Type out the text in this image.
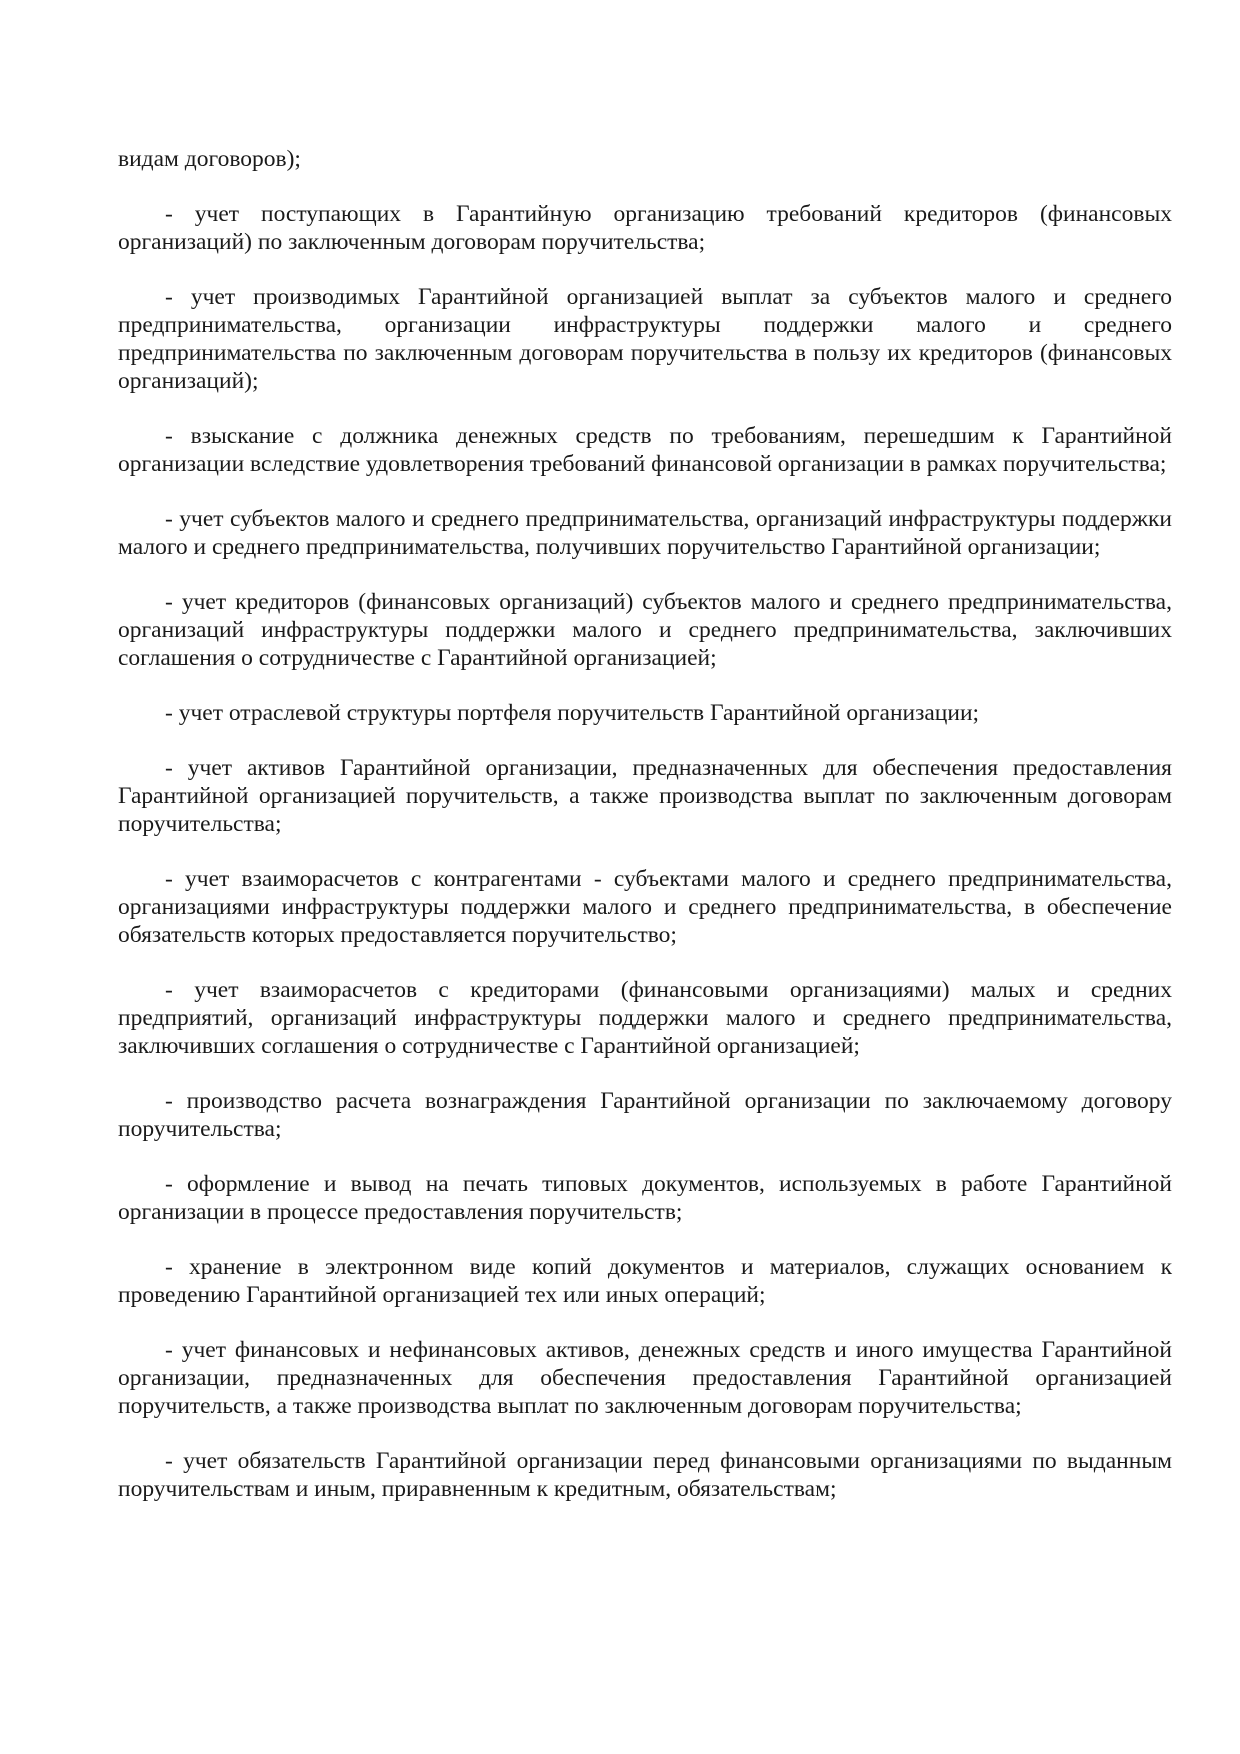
видам договоров);

- учет поступающих в Гарантийную организацию требований кредиторов (финансовых организаций) по заключенным договорам поручительства;

- учет производимых Гарантийной организацией выплат за субъектов малого и среднего предпринимательства, организации инфраструктуры поддержки малого и среднего предпринимательства по заключенным договорам поручительства в пользу их кредиторов (финансовых организаций);

- взыскание с должника денежных средств по требованиям, перешедшим к Гарантийной организации вследствие удовлетворения требований финансовой организации в рамках поручительства;

- учет субъектов малого и среднего предпринимательства, организаций инфраструктуры поддержки малого и среднего предпринимательства, получивших поручительство Гарантийной организации;

- учет кредиторов (финансовых организаций) субъектов малого и среднего предпринимательства, организаций инфраструктуры поддержки малого и среднего предпринимательства, заключивших соглашения о сотрудничестве с Гарантийной организацией;

- учет отраслевой структуры портфеля поручительств Гарантийной организации;

- учет активов Гарантийной организации, предназначенных для обеспечения предоставления Гарантийной организацией поручительств, а также производства выплат по заключенным договорам поручительства;

- учет взаиморасчетов с контрагентами - субъектами малого и среднего предпринимательства, организациями инфраструктуры поддержки малого и среднего предпринимательства, в обеспечение обязательств которых предоставляется поручительство;

- учет взаиморасчетов с кредиторами (финансовыми организациями) малых и средних предприятий, организаций инфраструктуры поддержки малого и среднего предпринимательства, заключивших соглашения о сотрудничестве с Гарантийной организацией;

- производство расчета вознаграждения Гарантийной организации по заключаемому договору поручительства;

- оформление и вывод на печать типовых документов, используемых в работе Гарантийной организации в процессе предоставления поручительств;

- хранение в электронном виде копий документов и материалов, служащих основанием к проведению Гарантийной организацией тех или иных операций;

- учет финансовых и нефинансовых активов, денежных средств и иного имущества Гарантийной организации, предназначенных для обеспечения предоставления Гарантийной организацией поручительств, а также производства выплат по заключенным договорам поручительства;

- учет обязательств Гарантийной организации перед финансовыми организациями по выданным поручительствам и иным, приравненным к кредитным, обязательствам;
